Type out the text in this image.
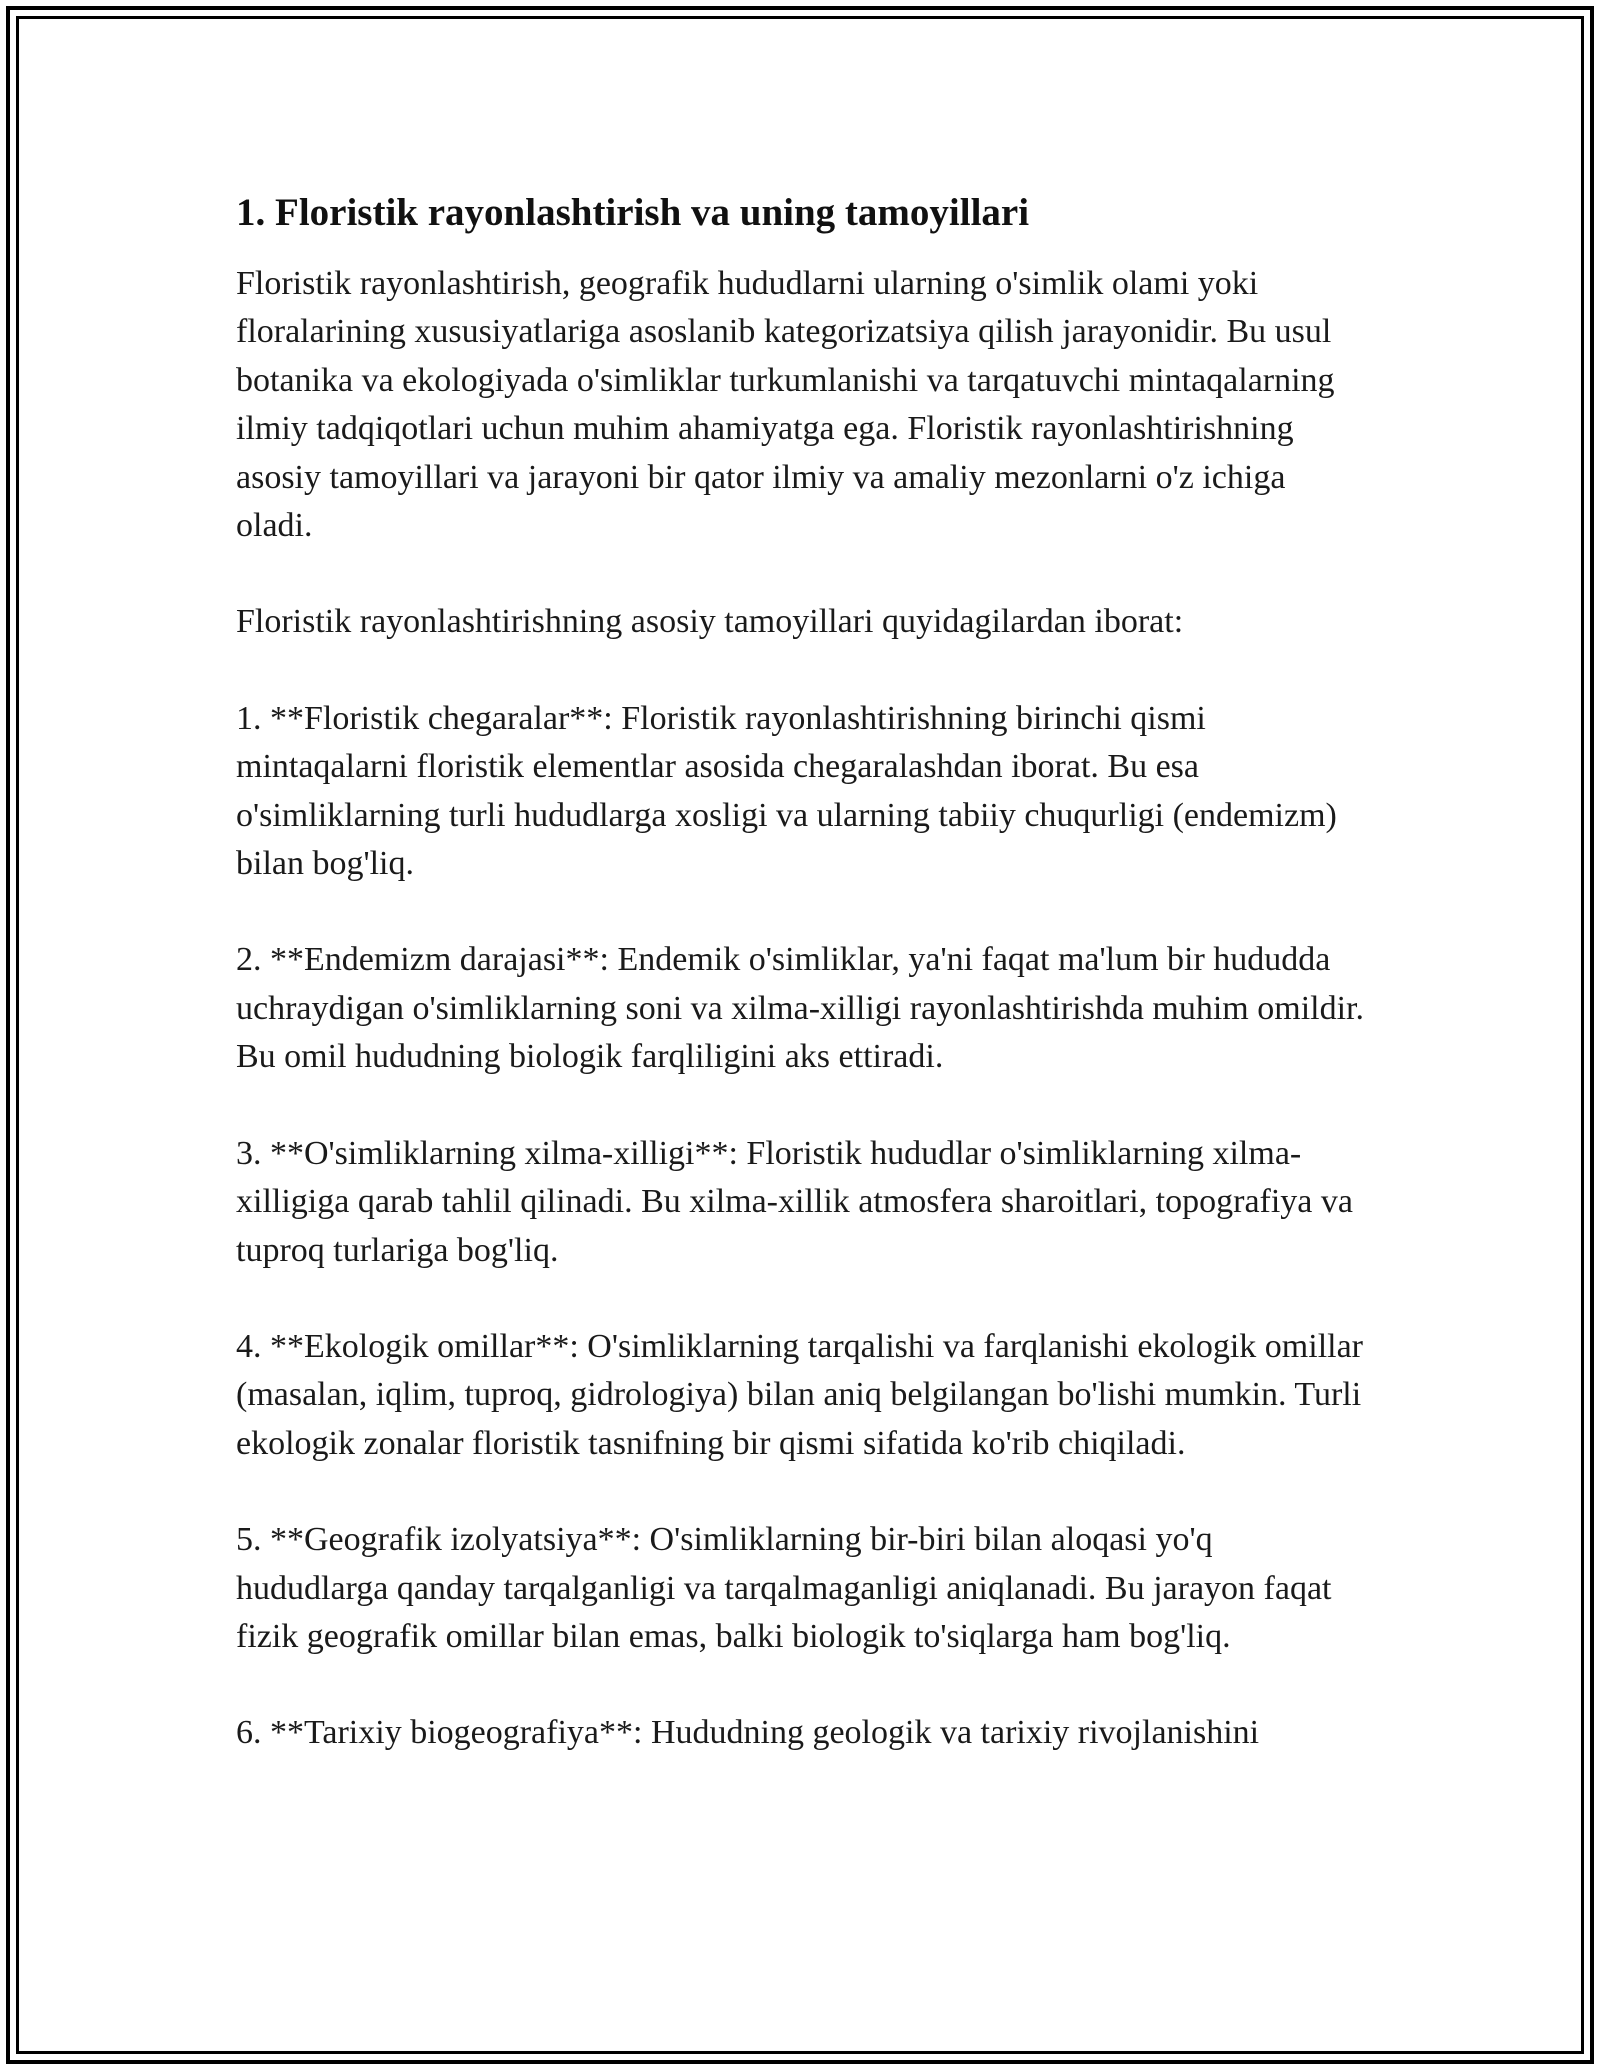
1. Floristik rayonlashtirish va uning tamoyillari

Floristik rayonlashtirish, geografik hududlarni ularning o'simlik olami yoki floralarining xususiyatlariga asoslanib kategorizatsiya qilish jarayonidir. Bu usul botanika va ekologiyada o'simliklar turkumlanishi va tarqatuvchi mintaqalarning ilmiy tadqiqotlari uchun muhim ahamiyatga ega. Floristik rayonlashtirishning asosiy tamoyillari va jarayoni bir qator ilmiy va amaliy mezonlarni o'z ichiga oladi.

Floristik rayonlashtirishning asosiy tamoyillari quyidagilardan iborat:

1. **Floristik chegaralar**: Floristik rayonlashtirishning birinchi qismi mintaqalarni floristik elementlar asosida chegaralashdan iborat. Bu esa o'simliklarning turli hududlarga xosligi va ularning tabiiy chuqurligi (endemizm) bilan bog'liq.

2. **Endemizm darajasi**: Endemik o'simliklar, ya'ni faqat ma'lum bir hududda uchraydigan o'simliklarning soni va xilma-xilligi rayonlashtirishda muhim omildir. Bu omil hududning biologik farqliligini aks ettiradi.

3. **O'simliklarning xilma-xilligi**: Floristik hududlar o'simliklarning xilma-xilligiga qarab tahlil qilinadi. Bu xilma-xillik atmosfera sharoitlari, topografiya va tuproq turlariga bog'liq.

4. **Ekologik omillar**: O'simliklarning tarqalishi va farqlanishi ekologik omillar (masalan, iqlim, tuproq, gidrologiya) bilan aniq belgilangan bo'lishi mumkin. Turli ekologik zonalar floristik tasnifning bir qismi sifatida ko'rib chiqiladi.

5. **Geografik izolyatsiya**: O'simliklarning bir-biri bilan aloqasi yo'q hududlarga qanday tarqalganligi va tarqalmaganligi aniqlanadi. Bu jarayon faqat fizik geografik omillar bilan emas, balki biologik to'siqlarga ham bog'liq.

6. **Tarixiy biogeografiya**: Hududning geologik va tarixiy rivojlanishini
